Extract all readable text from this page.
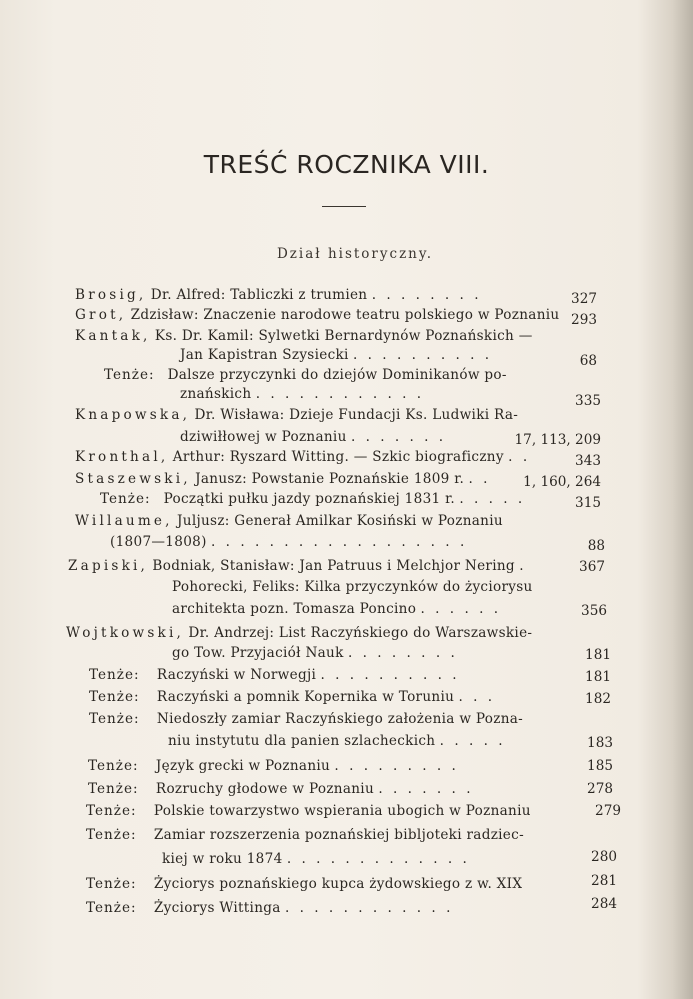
TREŚĆ ROCZNIKA VIII.
Dział historyczny.
Brosig, Dr. Alfred: Tabliczki z trumien . . . . . . . .	327
Grot, Zdzisław: Znaczenie narodowe teatru polskiego w Poznaniu 293
Kantak, Ks. Dr. Kamil: Sylwetki Bernardynów Poznańskich —
Jan Kapistran Szysiecki . . . . . . . . . .	68
Tenże: Dalsze przyczynki do dziejów Dominikanów po-
znańskich . . . . . . . . . . . .	335
Knapowska, Dr. Wisława: Dzieje Fundacji Ks. Ludwiki Ra-
dziwiłłowej w Poznaniu . . . . . . .	17, 113, 209
Kronthal, Arthur: Ryszard Witting. — Szkic biograficzny . .	343
Staszewski, Janusz: Powstanie Poznańskie 1809 r. . . 1, 160, 264
Tenże: Początki pułku jazdy poznańskiej 1831 r. . . . . .	315
Willaume, Juljusz: Generał Amilkar Kosiński w Poznaniu
(1807—1808) . . . . . . . . . . . . . . . . . .	88
Zapiski, Bodniak, Stanisław: Jan Patruus i Melchjor Nering .	367
Pohorecki, Feliks: Kilka przyczynków do życiorysu
architekta pozn. Tomasza Poncino . . . . . .	356
Wojtkowski, Dr. Andrzej: List Raczyńskiego do Warszawskie-
go Tow. Przyjaciół Nauk . . . . . . . .	181
Tenże: Raczyński w Norwegji . . . . . . . . . .	181
Tenże: Raczyński a pomnik Kopernika w Toruniu . . .	182
Tenże: Niedoszły zamiar Raczyńskiego założenia w Pozna-
niu instytutu dla panien szlacheckich . . . . .	183
Tenże: Język grecki w Poznaniu . . . . . . . . .	185
Tenże: Rozruchy głodowe w Poznaniu . . . . . . .	278
Tenże: Polskie towarzystwo wspierania ubogich w Poznaniu	279
Tenże: Zamiar rozszerzenia poznańskiej bibljoteki radziec-
kiej w roku 1874 . . . . . . . . . . . . .	280
Tenże: Życiorys poznańskiego kupca żydowskiego z w. XIX	281
Tenże: Życiorys Wittinga . . . . . . . . . . . .	284
